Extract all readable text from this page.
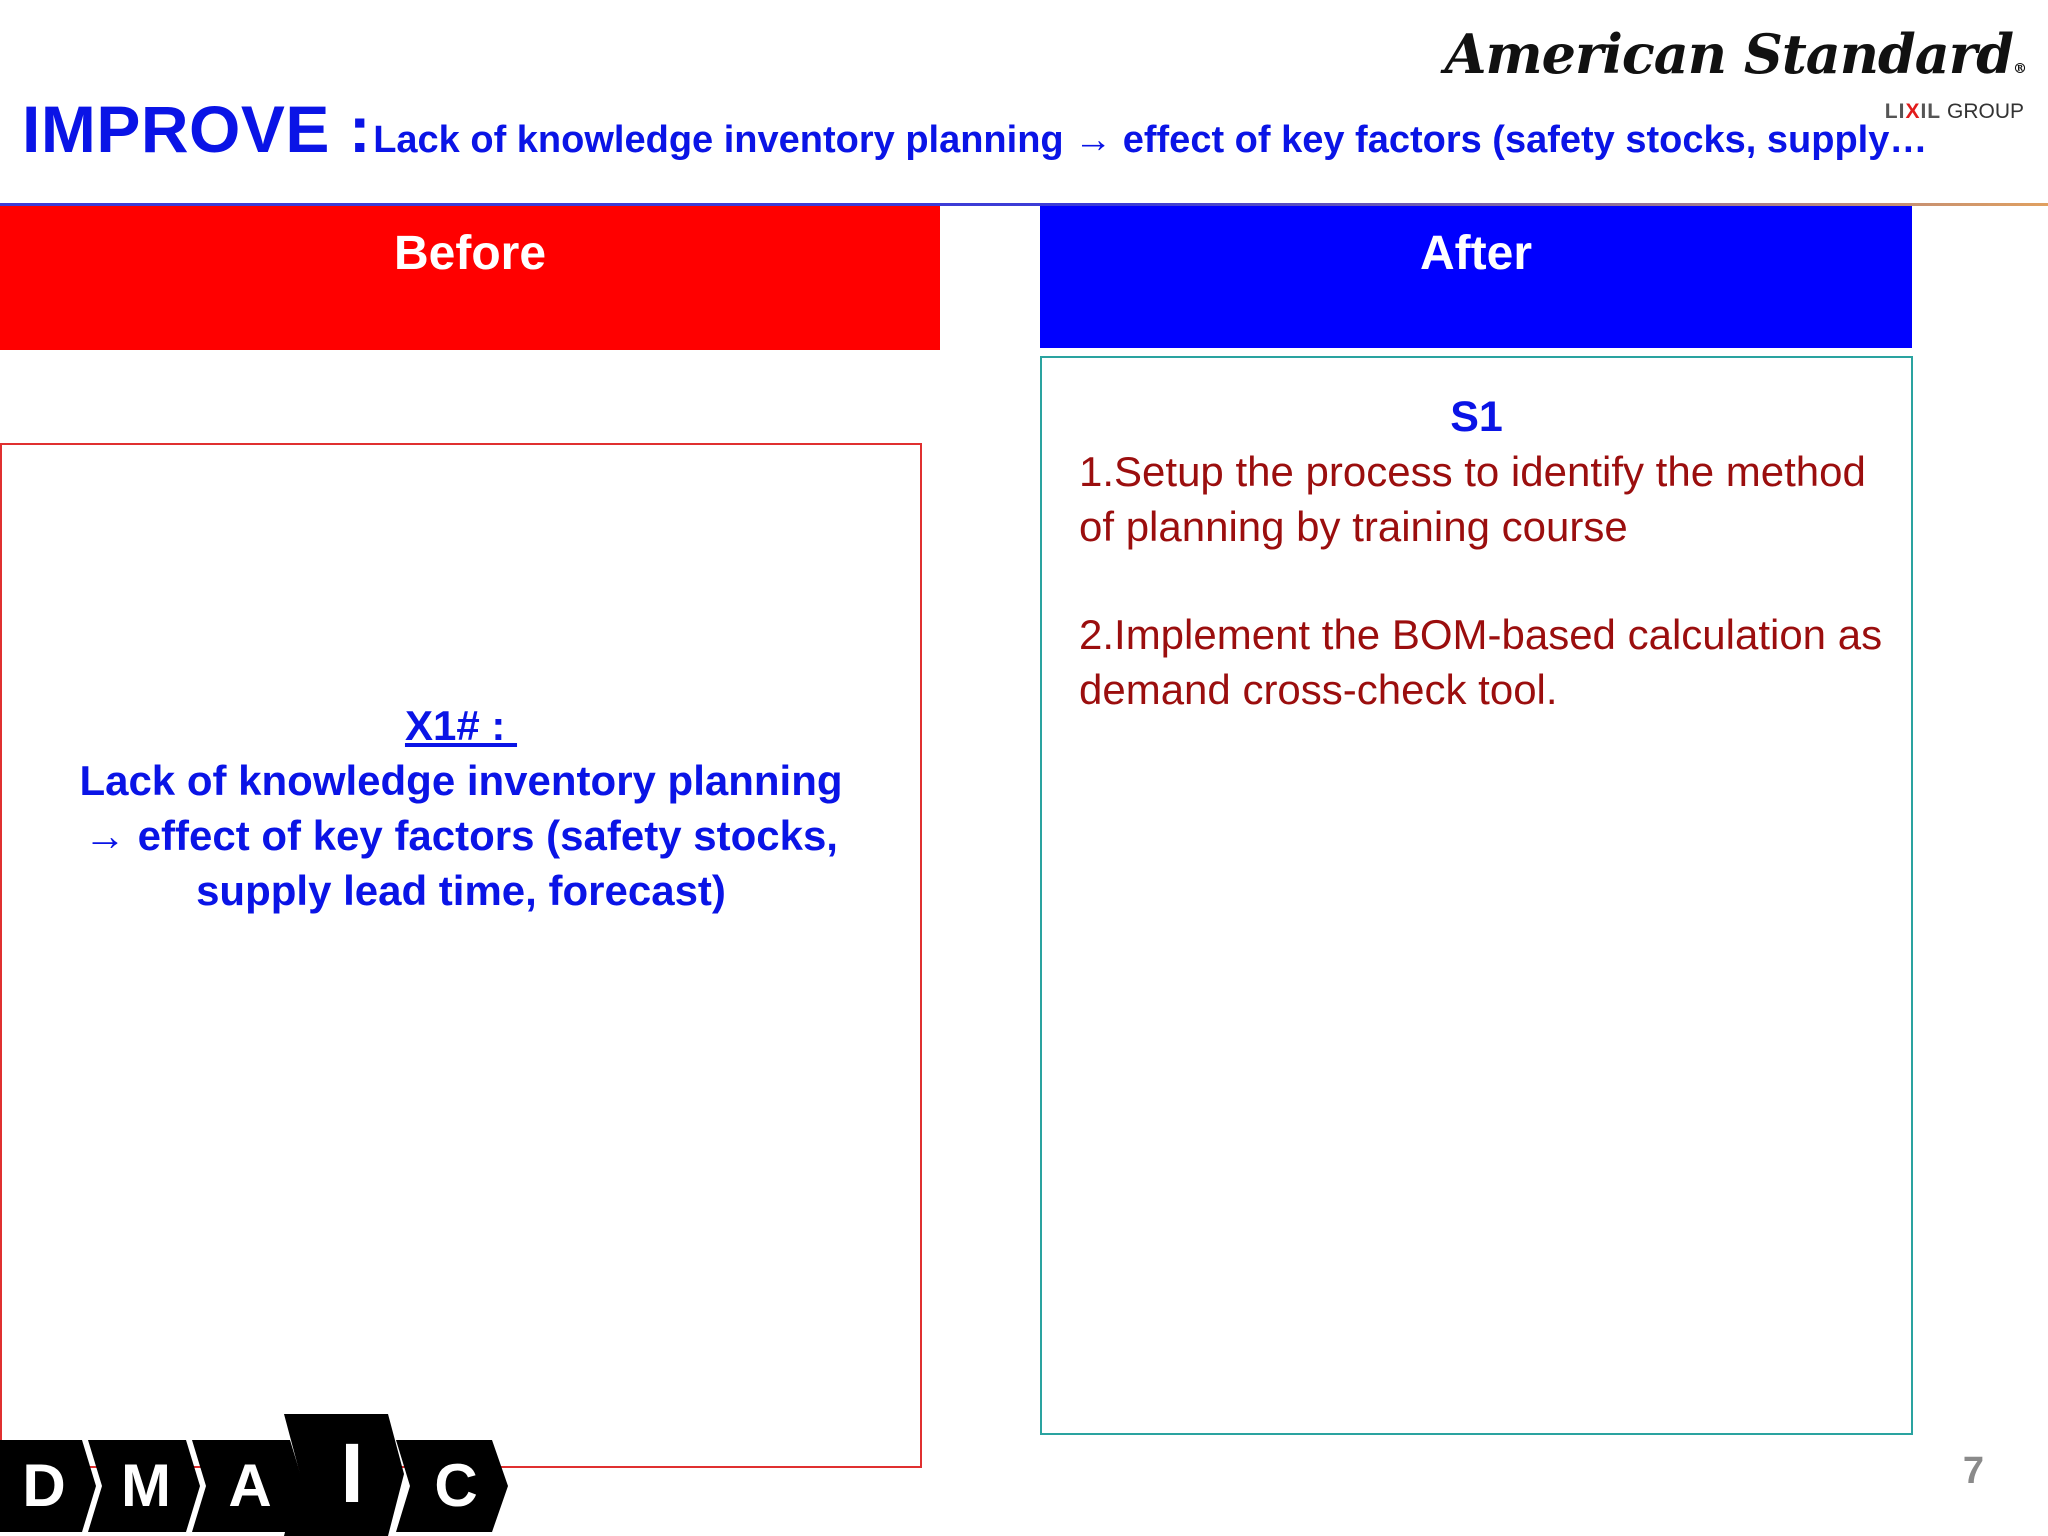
American Standard®
LIXIL GROUP
IMPROVE :Lack of knowledge inventory planning → effect of key factors (safety stocks, supply…
Before
X1# :
Lack of knowledge inventory planning
→ effect of key factors (safety stocks,
supply lead time, forecast)
After
S1
1.Setup the process to identify the method of planning by training course
2.Implement the BOM-based calculation as demand cross-check tool.
D M A I C	7
